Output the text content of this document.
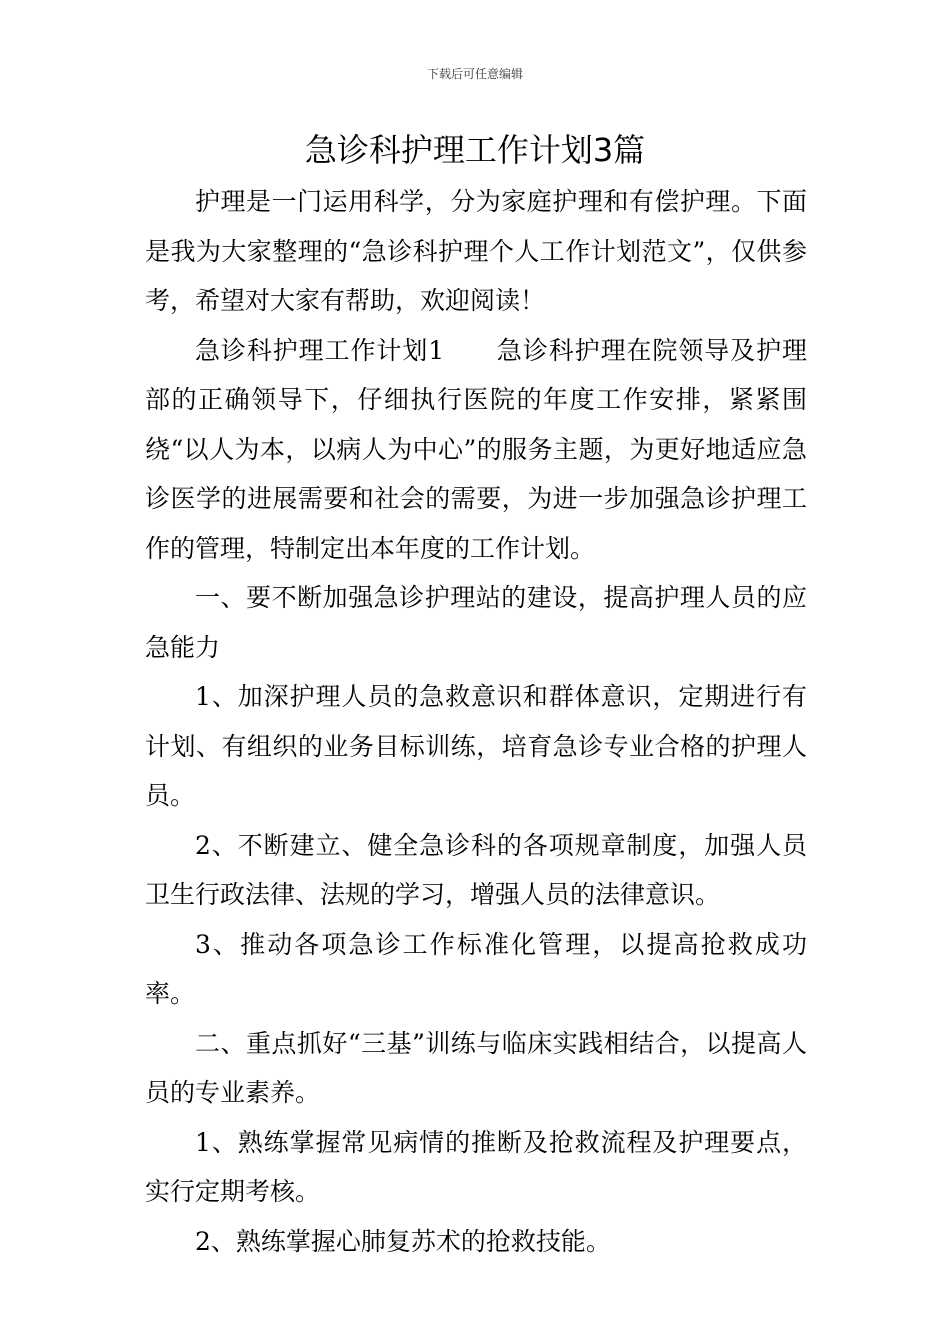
下载后可任意编辑
急诊科护理工作计划3篇

护理是一门运用科学，分为家庭护理和有偿护理。下面是我为大家整理的“急诊科护理个人工作计划范文”，仅供参考，希望对大家有帮助，欢迎阅读！

急诊科护理工作计划1　　急诊科护理在院领导及护理部的正确领导下，仔细执行医院的年度工作安排，紧紧围绕“以人为本，以病人为中心”的服务主题，为更好地适应急诊医学的进展需要和社会的需要，为进一步加强急诊护理工作的管理，特制定出本年度的工作计划。

一、要不断加强急诊护理站的建设，提高护理人员的应急能力

1、加深护理人员的急救意识和群体意识，定期进行有计划、有组织的业务目标训练，培育急诊专业合格的护理人员。

2、不断建立、健全急诊科的各项规章制度，加强人员卫生行政法律、法规的学习，增强人员的法律意识。

3、推动各项急诊工作标准化管理，以提高抢救成功率。

二、重点抓好“三基”训练与临床实践相结合，以提高人员的专业素养。

1、熟练掌握常见病情的推断及抢救流程及护理要点，实行定期考核。

2、熟练掌握心肺复苏术的抢救技能。
